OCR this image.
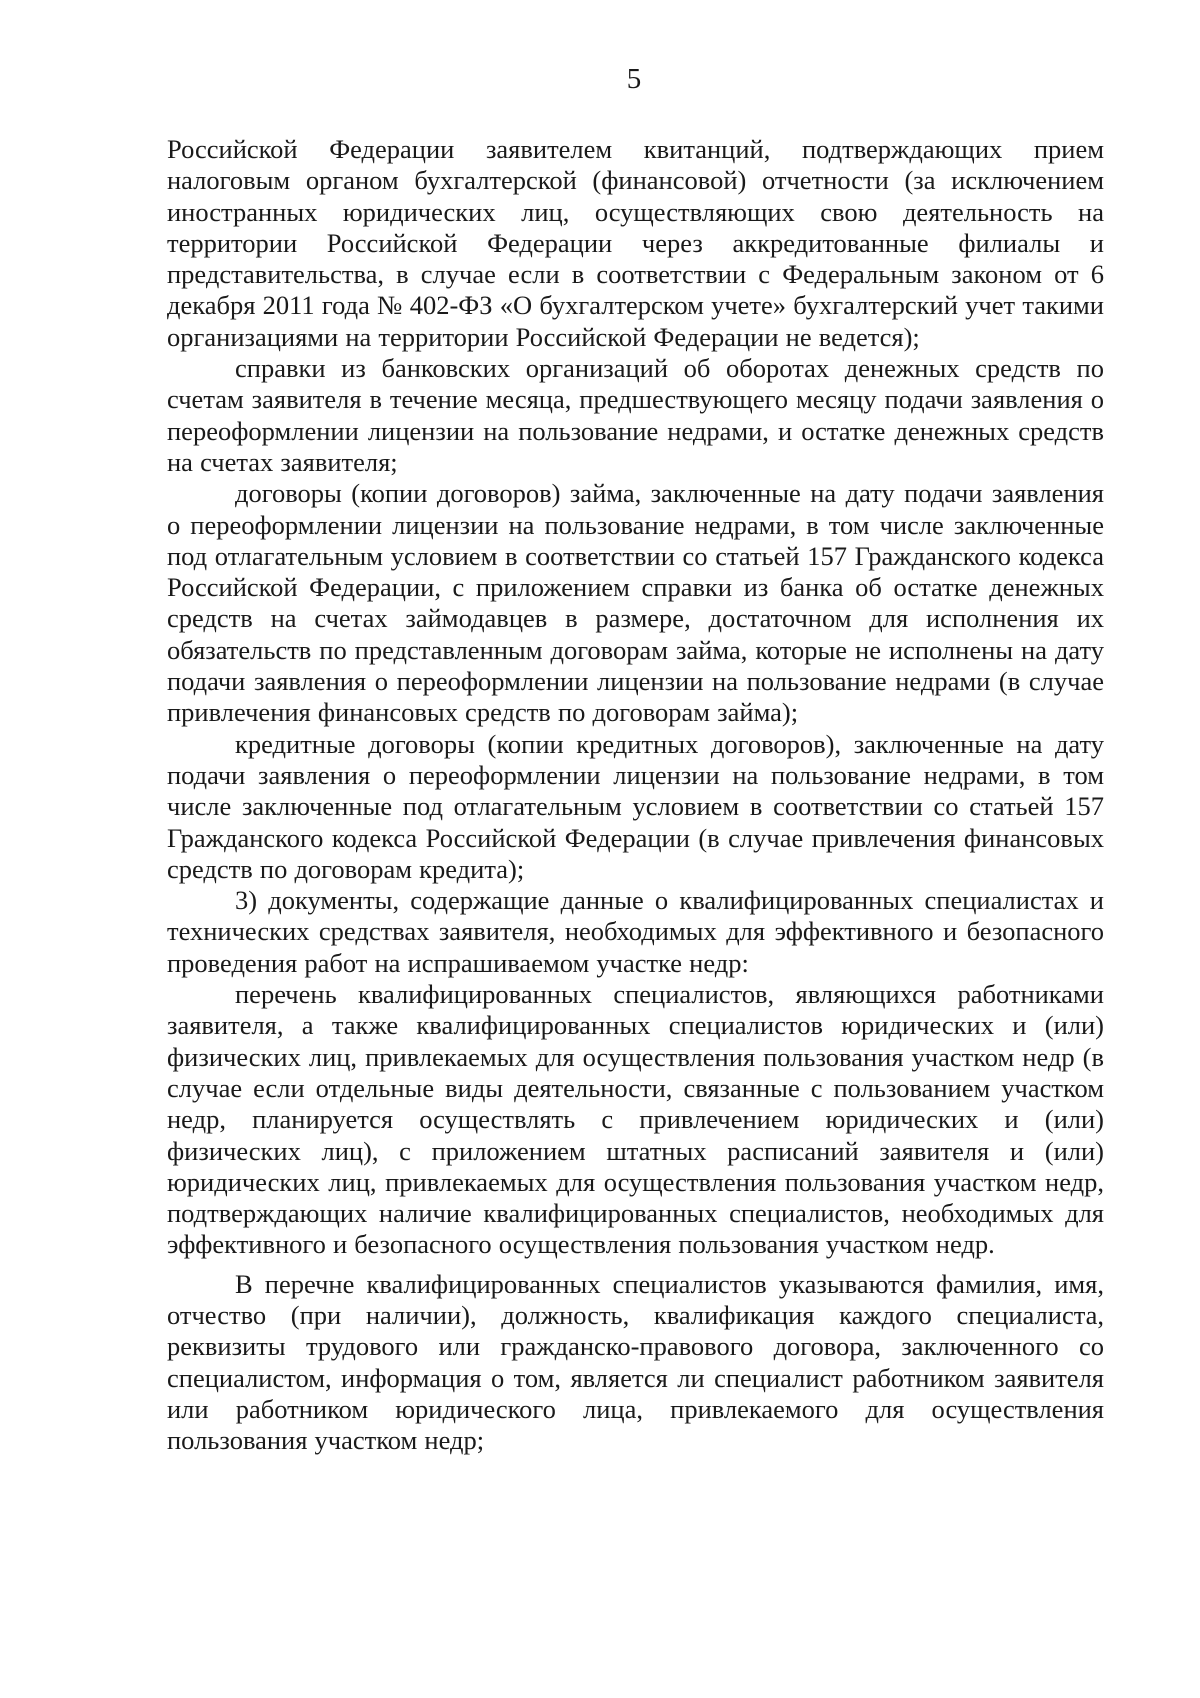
5

Российской Федерации заявителем квитанций, подтверждающих прием налоговым органом бухгалтерской (финансовой) отчетности (за исключением иностранных юридических лиц, осуществляющих свою деятельность на территории Российской Федерации через аккредитованные филиалы и представительства, в случае если в соответствии с Федеральным законом от 6 декабря 2011 года № 402-ФЗ «О бухгалтерском учете» бухгалтерский учет такими организациями на территории Российской Федерации не ведется);

справки из банковских организаций об оборотах денежных средств по счетам заявителя в течение месяца, предшествующего месяцу подачи заявления о переоформлении лицензии на пользование недрами, и остатке денежных средств на счетах заявителя;

договоры (копии договоров) займа, заключенные на дату подачи заявления о переоформлении лицензии на пользование недрами, в том числе заключенные под отлагательным условием в соответствии со статьей 157 Гражданского кодекса Российской Федерации, с приложением справки из банка об остатке денежных средств на счетах займодавцев в размере, достаточном для исполнения их обязательств по представленным договорам займа, которые не исполнены на дату подачи заявления о переоформлении лицензии на пользование недрами (в случае привлечения финансовых средств по договорам займа);

кредитные договоры (копии кредитных договоров), заключенные на дату подачи заявления о переоформлении лицензии на пользование недрами, в том числе заключенные под отлагательным условием в соответствии со статьей 157 Гражданского кодекса Российской Федерации (в случае привлечения финансовых средств по договорам кредита);

3) документы, содержащие данные о квалифицированных специалистах и технических средствах заявителя, необходимых для эффективного и безопасного проведения работ на испрашиваемом участке недр:

перечень квалифицированных специалистов, являющихся работниками заявителя, а также квалифицированных специалистов юридических и (или) физических лиц, привлекаемых для осуществления пользования участком недр (в случае если отдельные виды деятельности, связанные с пользованием участком недр, планируется осуществлять с привлечением юридических и (или) физических лиц), с приложением штатных расписаний заявителя и (или) юридических лиц, привлекаемых для осуществления пользования участком недр, подтверждающих наличие квалифицированных специалистов, необходимых для эффективного и безопасного осуществления пользования участком недр.

В перечне квалифицированных специалистов указываются фамилия, имя, отчество (при наличии), должность, квалификация каждого специалиста, реквизиты трудового или гражданско-правового договора, заключенного со специалистом, информация о том, является ли специалист работником заявителя или работником юридического лица, привлекаемого для осуществления пользования участком недр;
